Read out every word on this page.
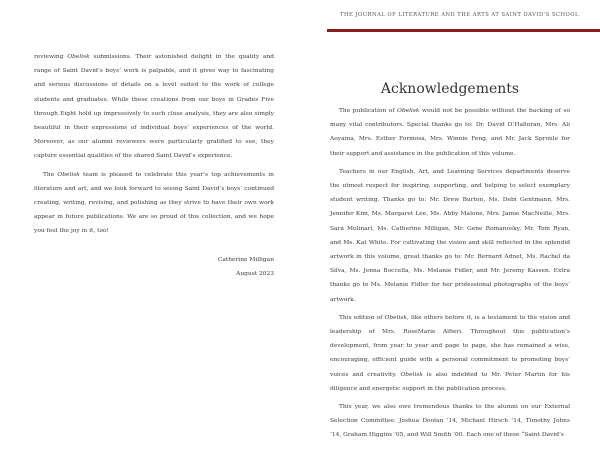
THE JOURNAL OF LITERATURE AND THE ARTS AT SAINT DAVID’S SCHOOL

reviewing Obelisk submissions. Their astonished delight in the quality and range of Saint David’s boys’ work is palpable, and it gives way to fascinating and serious discussions of details on a level suited to the work of college students and graduates. While these creations from our boys in Grades Five through Eight hold up impressively to such close analysis, they are also simply beautiful in their expressions of individual boys’ experiences of the world. Moreover, as our alumni reviewers were particularly gratified to see, they capture essential qualities of the shared Saint David’s experience.

The Obelisk team is pleased to celebrate this year’s top achievements in literature and art, and we look forward to seeing Saint David’s boys’ continued creating, writing, revising, and polishing as they strive to have their own work appear in future publications. We are so proud of this collection, and we hope you feel the joy in it, too!

Catherine Milligan

August 2023

Acknowledgements

The publication of Obelisk would not be possible without the backing of so many vital contributors. Special thanks go to: Dr. David O’Halloran, Mrs. Ali Aoyama, Mrs. Esther Formosa, Mrs. Winnie Feng, and Mr. Jack Sproule for their support and assistance in the publication of this volume.

Teachers in our English, Art, and Learning Services departments deserve the utmost respect for inspiring, supporting, and helping to select exemplary student writing. Thanks go to: Mr. Drew Burton, Ms. Debi Gentmann, Mrs. Jennifer Kim, Ms. Margaret Lee, Ms. Abby Malone, Mrs. Jamie MacNeille, Mrs. Sara Molinari, Ms. Catherine Milligan, Mr. Gene Romanosky, Mr. Tom Ryan, and Ms. Kat White. For cultivating the vision and skill reflected in the splendid artwork in this volume, great thanks go to: Mr. Bernard Adnet, Ms. Rachel da Silva, Ms. Jenna Boccella, Ms. Melanie Fidler, and Mr. Jeremy Kassen. Extra thanks go to Ms. Melanie Fidler for her professional photographs of the boys’ artwork.

This edition of Obelisk, like others before it, is a testament to the vision and leadership of Mrs. RoseMarie Alfieri. Throughout this publication’s development, from year to year and page to page, she has remained a wise, encouraging, efficient guide with a personal commitment to promoting boys’ voices and creativity. Obelisk is also indebted to Mr. Peter Martin for his diligence and energetic support in the publication process.

This year, we also owe tremendous thanks to the alumni on our External Selection Committee: Joshua Doolan ’14, Michael Hirsch ’14, Timothy Johns ’14, Graham Higgins ’05, and Will Smith ’00. Each one of these “Saint David’s
